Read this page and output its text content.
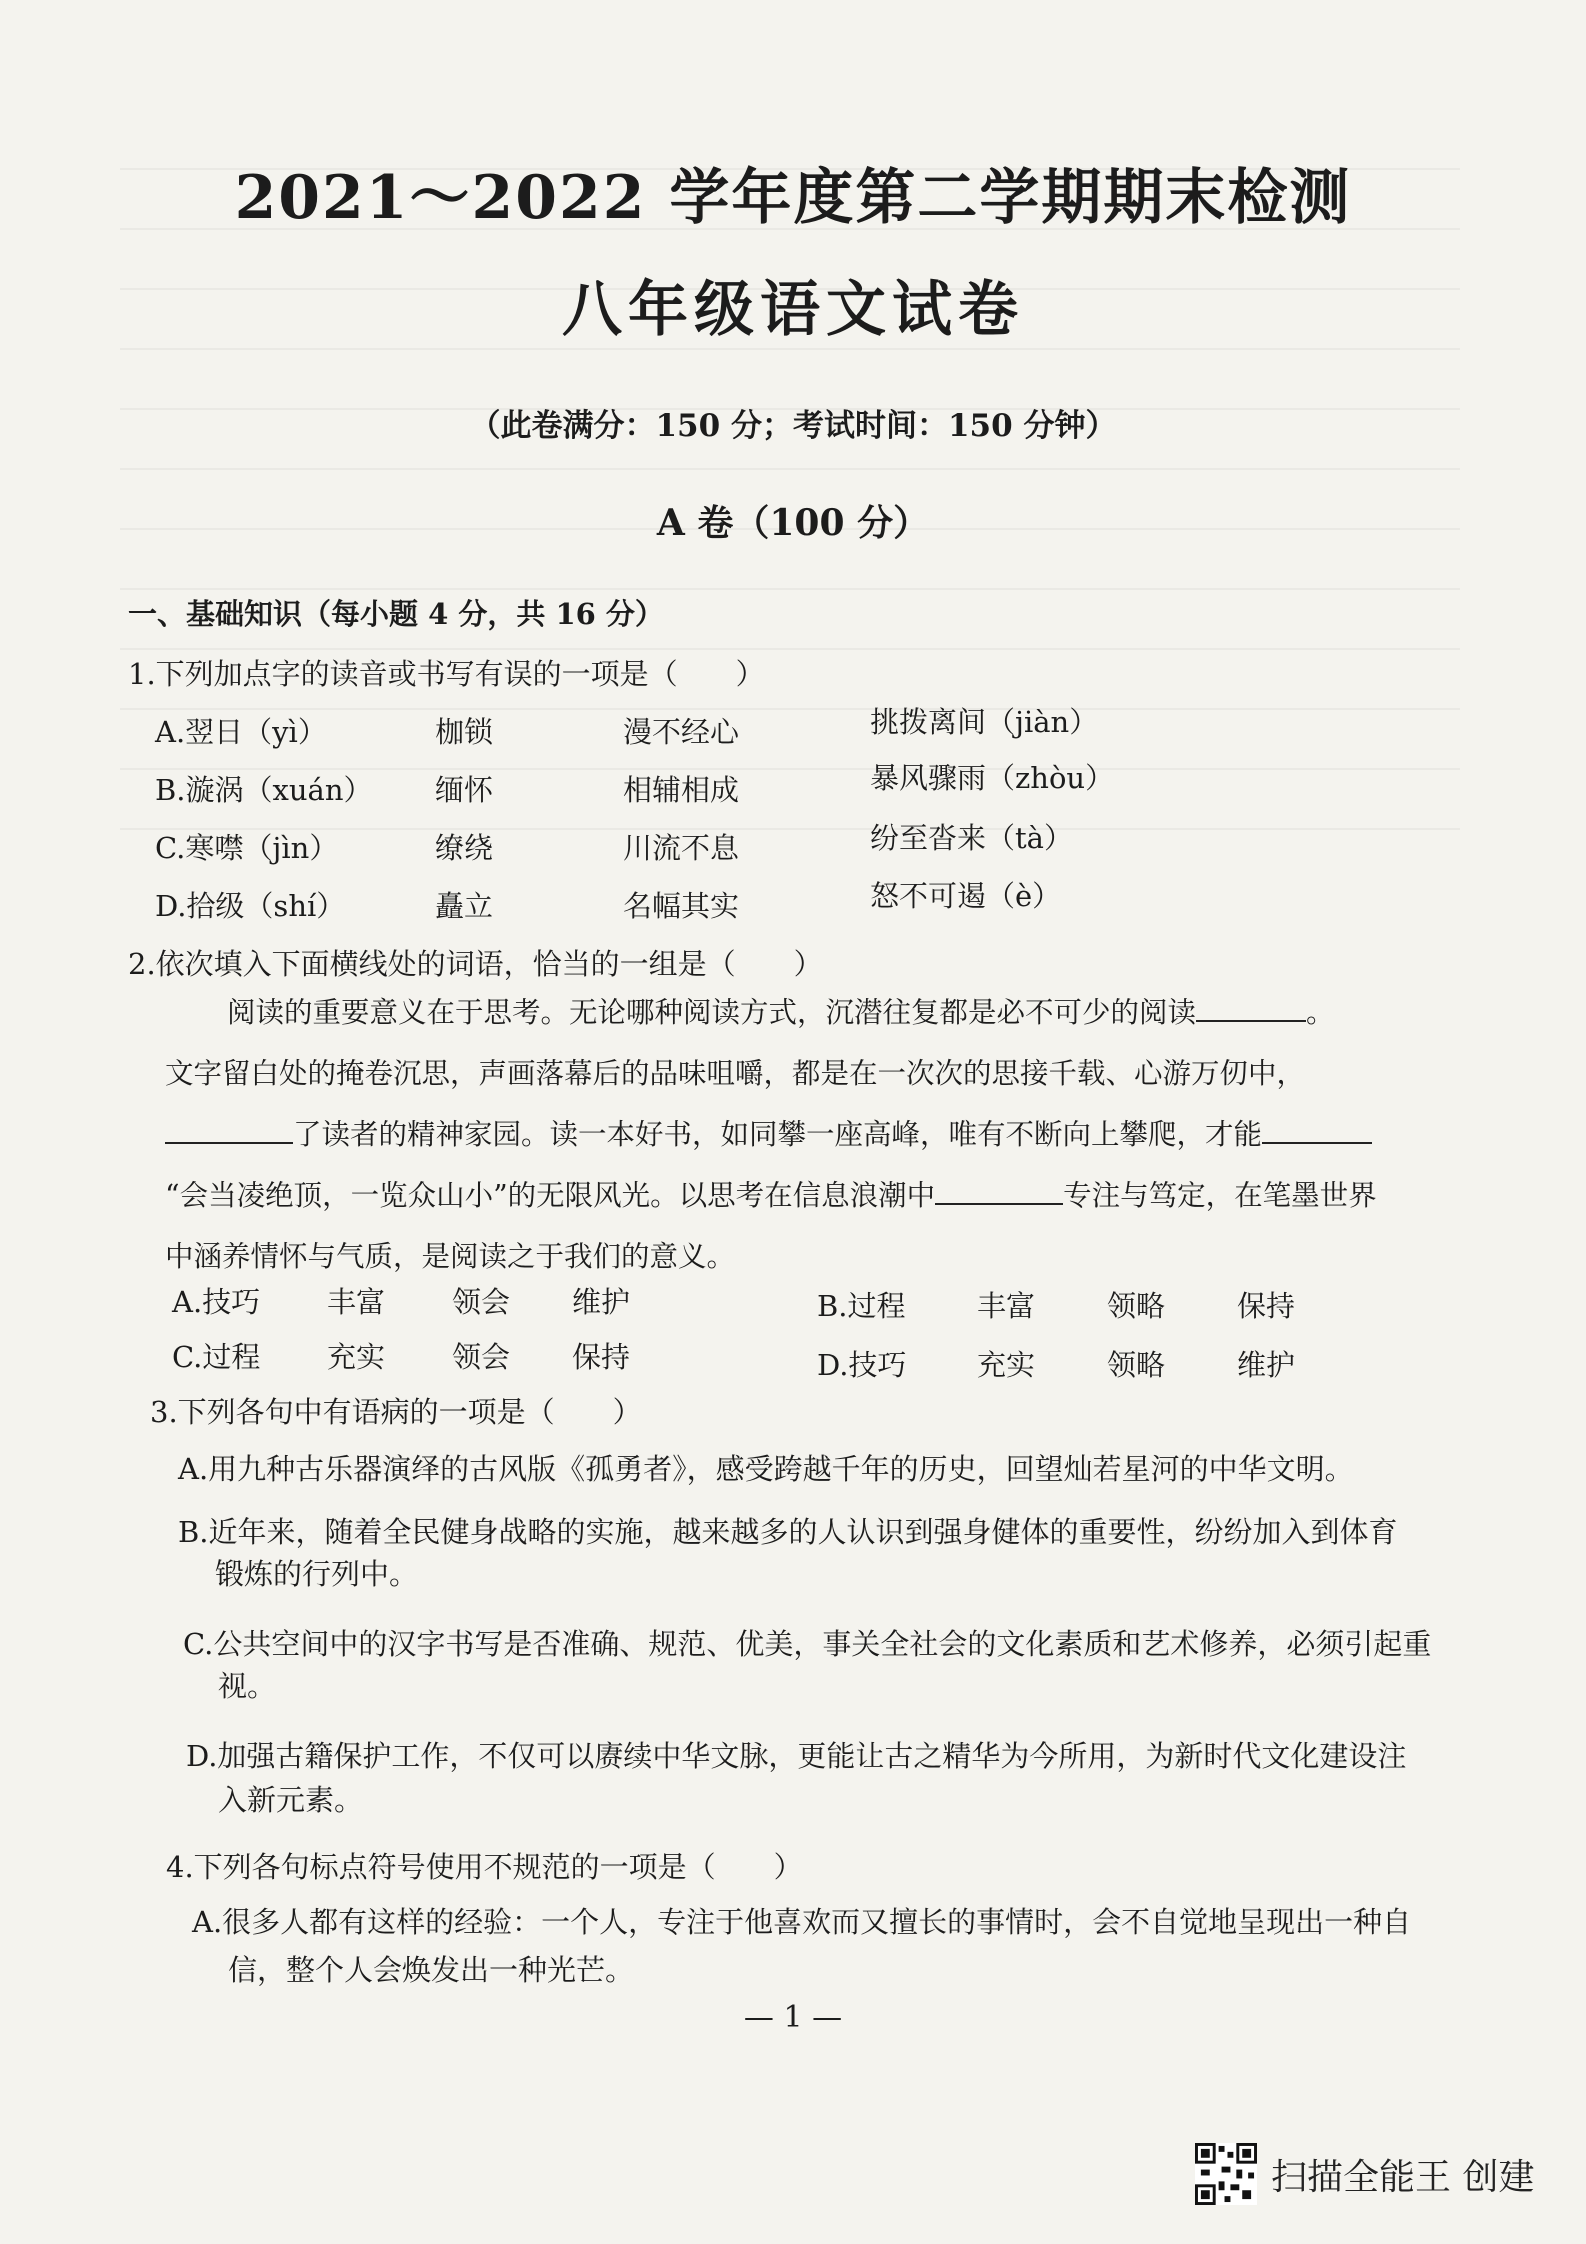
2021～2022 学年度第二学期期末检测
八年级语文试卷
（此卷满分：150 分；考试时间：150 分钟）
A 卷（100 分）
一、基础知识（每小题 4 分，共 16 分）
1.下列加点字的读音或书写有误的一项是（　　）
A.翌日（yì）	枷锁	漫不经心	挑拨离间（jiàn）
B.漩涡（xuán） 缅怀	相辅相成	暴风骤雨（zhòu）
C.寒噤（jìn）	缭绕	川流不息	纷至沓来（tà）
D.拾级（shí）	矗立	名幅其实	怒不可遏（è）
2.依次填入下面横线处的词语，恰当的一组是（　　）
阅读的重要意义在于思考。无论哪种阅读方式，沉潜往复都是必不可少的阅读	。
文字留白处的掩卷沉思，声画落幕后的品味咀嚼，都是在一次次的思接千载、心游万仞中，
了读者的精神家园。读一本好书，如同攀一座高峰，唯有不断向上攀爬，才能
“会当凌绝顶，一览众山小”的无限风光。以思考在信息浪潮中	专注与笃定，在笔墨世界
中涵养情怀与气质，是阅读之于我们的意义。
A.技巧 丰富 领会 维护	B.过程 丰富 领略 保持
C.过程 充实 领会 保持	D.技巧 充实 领略 维护
3.下列各句中有语病的一项是（　　）
A.用九种古乐器演绎的古风版《孤勇者》，感受跨越千年的历史，回望灿若星河的中华文明。
B.近年来，随着全民健身战略的实施，越来越多的人认识到强身健体的重要性，纷纷加入到体育
锻炼的行列中。
C.公共空间中的汉字书写是否准确、规范、优美，事关全社会的文化素质和艺术修养，必须引起重
视。
D.加强古籍保护工作，不仅可以赓续中华文脉，更能让古之精华为今所用，为新时代文化建设注
入新元素。
4.下列各句标点符号使用不规范的一项是（　　）
A.很多人都有这样的经验：一个人，专注于他喜欢而又擅长的事情时，会不自觉地呈现出一种自
信，整个人会焕发出一种光芒。
— 1 —
扫描全能王 创建
